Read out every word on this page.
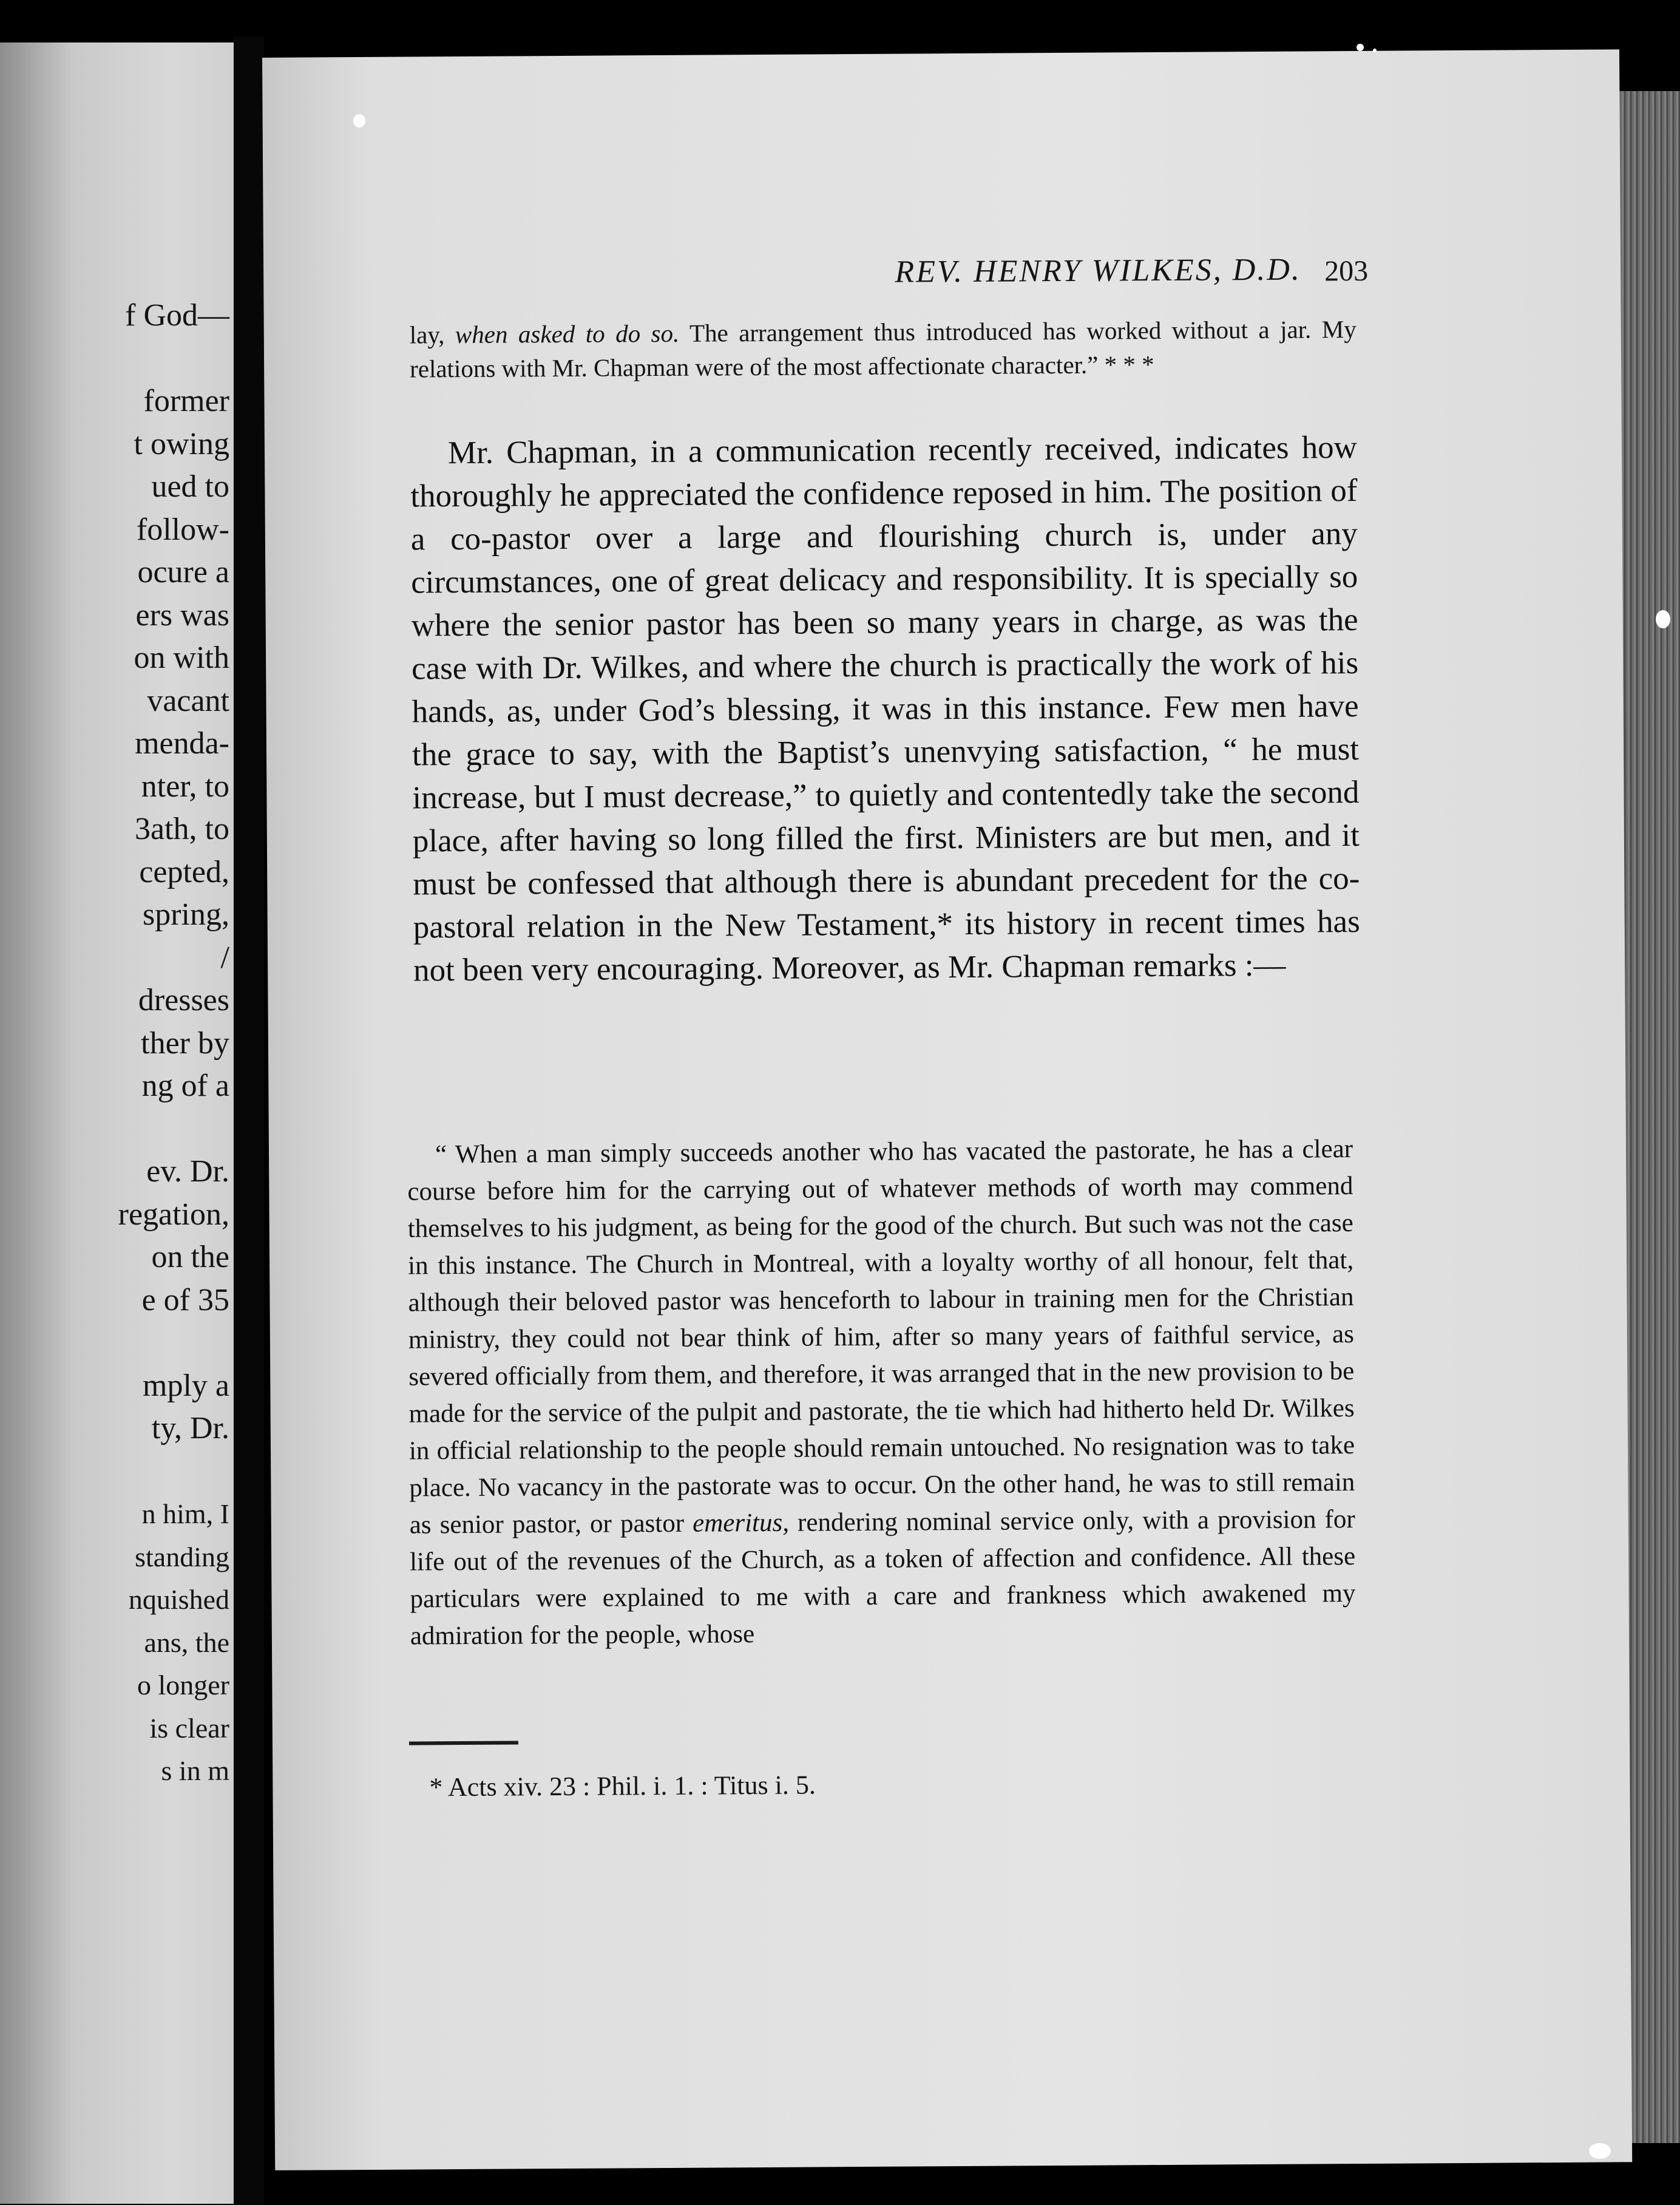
f God—
former
t owing
ued to
follow-
ocure a
ers was
on with
vacant
menda-
nter, to
3ath, to
cepted,
spring,
/
dresses
ther by
ng of a
ev. Dr.
regation,
on the
e of 35
mply a
ty, Dr.
n him, I
standing
nquished
ans, the
o longer
is clear
s in m
REV. HENRY WILKES, D.D. 203
lay, when asked to do so. The arrangement thus introduced has worked without a jar. My relations with Mr. Chapman were of the most affectionate character.” * * *
Mr. Chapman, in a communication recently received, indicates how thoroughly he appreciated the confidence reposed in him. The position of a co-pastor over a large and flourishing church is, under any circumstances, one of great delicacy and responsibility. It is specially so where the senior pastor has been so many years in charge, as was the case with Dr. Wilkes, and where the church is practically the work of his hands, as, under God’s blessing, it was in this instance. Few men have the grace to say, with the Baptist’s unenvying satisfaction, “ he must increase, but I must decrease,” to quietly and contentedly take the second place, after having so long filled the first. Ministers are but men, and it must be confessed that although there is abundant precedent for the co-pastoral relation in the New Testament,* its history in recent times has not been very encouraging. Moreover, as Mr. Chapman remarks :—
“ When a man simply succeeds another who has vacated the pastorate, he has a clear course before him for the carrying out of whatever methods of worth may commend themselves to his judgment, as being for the good of the church. But such was not the case in this instance. The Church in Montreal, with a loyalty worthy of all honour, felt that, although their beloved pastor was henceforth to labour in training men for the Christian ministry, they could not bear think of him, after so many years of faithful service, as severed officially from them, and therefore, it was arranged that in the new provision to be made for the service of the pulpit and pastorate, the tie which had hitherto held Dr. Wilkes in official relationship to the people should remain untouched. No resignation was to take place. No vacancy in the pastorate was to occur. On the other hand, he was to still remain as senior pastor, or pastor emeritus, rendering nominal service only, with a provision for life out of the revenues of the Church, as a token of affection and confidence. All these particulars were explained to me with a care and frankness which awakened my admiration for the people, whose
* Acts xiv. 23 : Phil. i. 1. : Titus i. 5.
